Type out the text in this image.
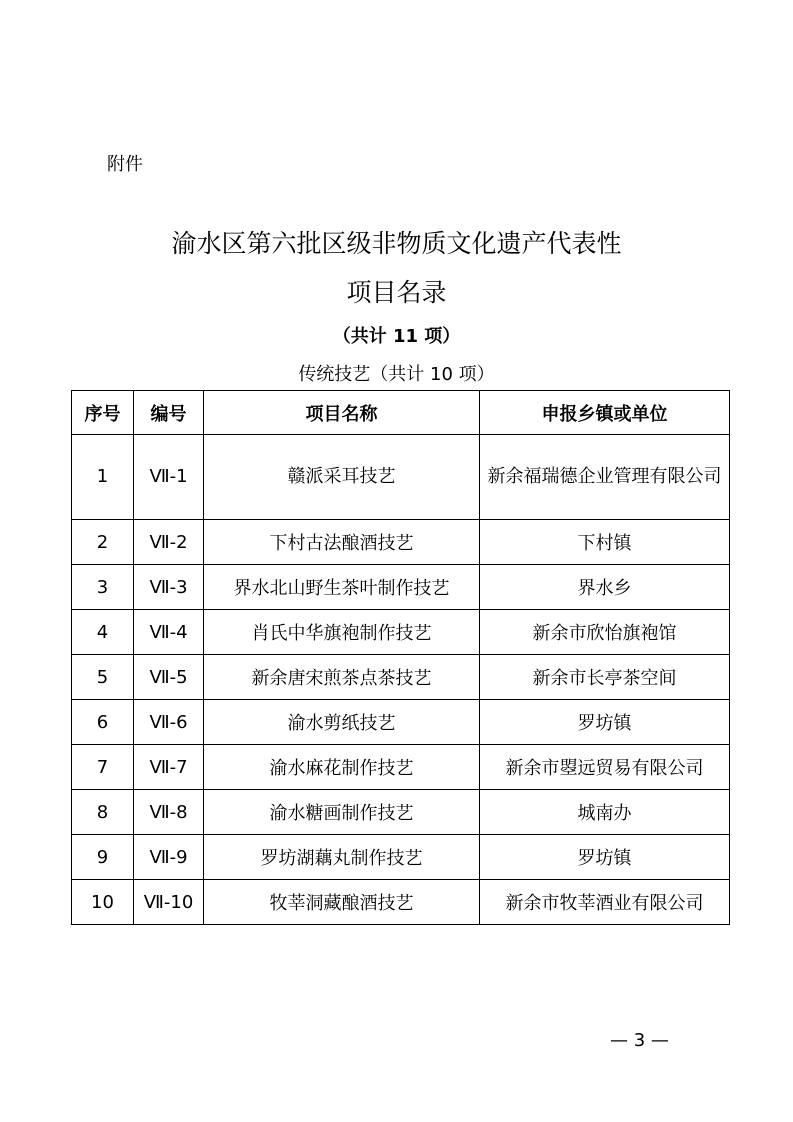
附件
渝水区第六批区级非物质文化遗产代表性
项目名录
（共计 11 项）
传统技艺（共计 10 项）
序号	编号	项目名称	申报乡镇或单位
1	Ⅶ-1	赣派采耳技艺	新余福瑞德企业管理有限公司
2	Ⅶ-2	下村古法酿酒技艺	下村镇
3	Ⅶ-3	界水北山野生茶叶制作技艺	界水乡
4	Ⅶ-4	肖氏中华旗袍制作技艺	新余市欣怡旗袍馆
5	Ⅶ-5	新余唐宋煎茶点茶技艺	新余市长亭茶空间
6	Ⅶ-6	渝水剪纸技艺	罗坊镇
7	Ⅶ-7	渝水麻花制作技艺	新余市曌远贸易有限公司
8	Ⅶ-8	渝水糖画制作技艺	城南办
9	Ⅶ-9	罗坊湖藕丸制作技艺	罗坊镇
10	Ⅶ-10	牧莘洞藏酿酒技艺	新余市牧莘酒业有限公司
— 3 —
